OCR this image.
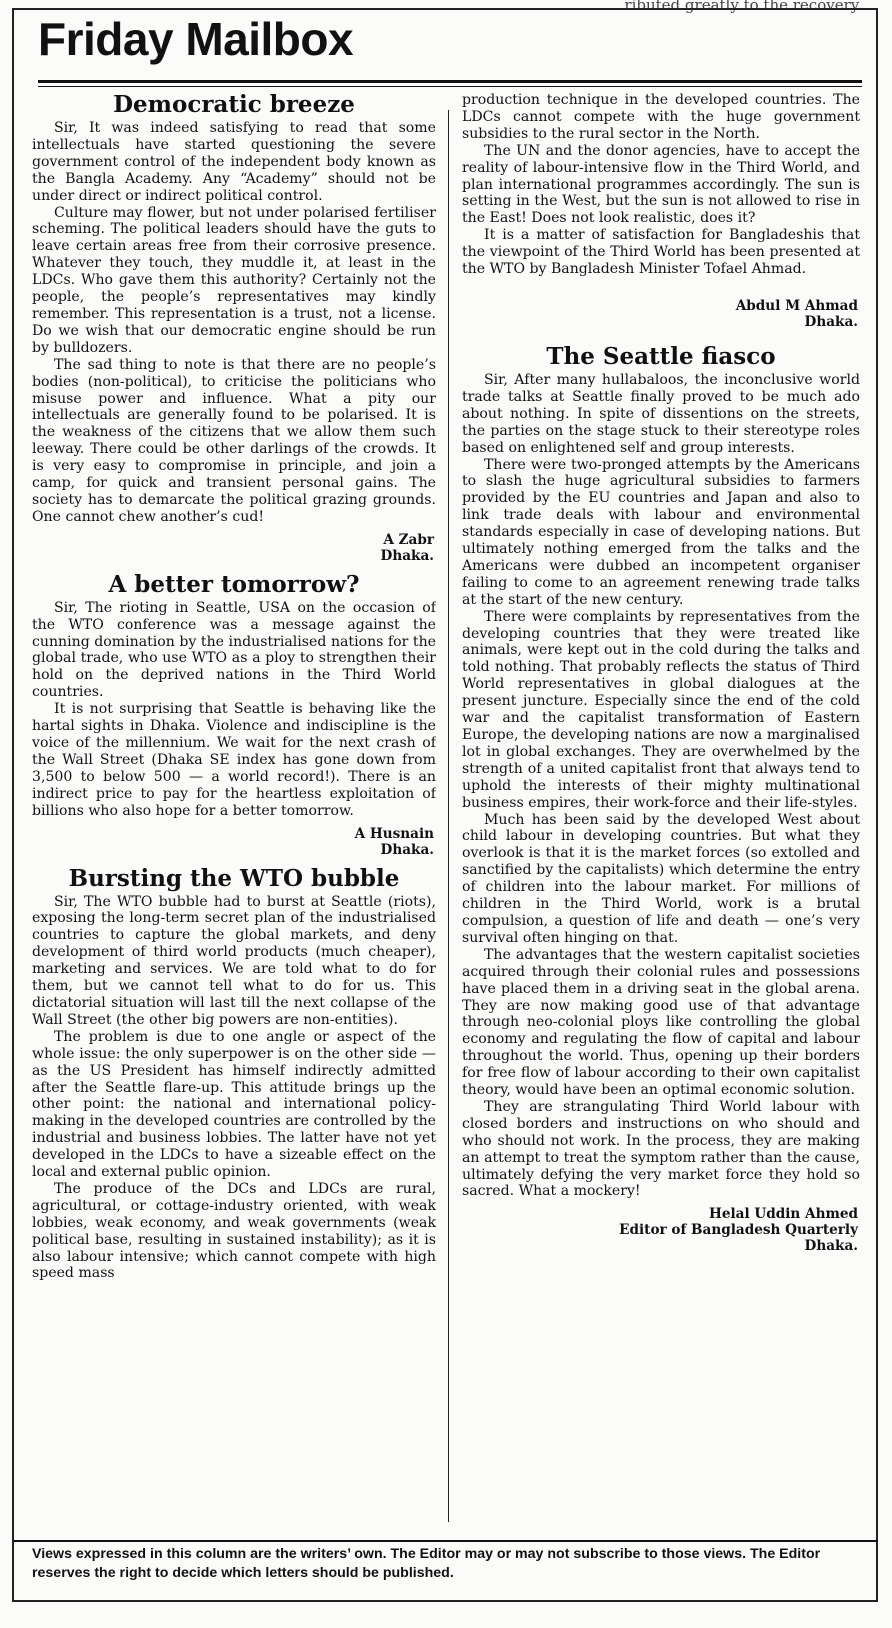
…ributed greatly to the recovery.
Friday Mailbox
Democratic breeze

Sir, It was indeed satisfying to read that some intellectuals have started questioning the severe government control of the independent body known as the Bangla Academy. Any “Academy” should not be under direct or indirect political control.

Culture may flower, but not under polarised fertiliser scheming. The political leaders should have the guts to leave certain areas free from their corrosive presence. Whatever they touch, they muddle it, at least in the LDCs. Who gave them this authority? Certainly not the people, the people’s representatives may kindly remember. This representation is a trust, not a license. Do we wish that our democratic engine should be run by bulldozers.

The sad thing to note is that there are no people’s bodies (non-political), to criticise the politicians who misuse power and influence. What a pity our intellectuals are generally found to be polarised. It is the weakness of the citizens that we allow them such leeway. There could be other darlings of the crowds. It is very easy to compromise in principle, and join a camp, for quick and transient personal gains. The society has to demarcate the political grazing grounds. One cannot chew another’s cud!

A Zabr
Dhaka.
A better tomorrow?

Sir, The rioting in Seattle, USA on the occasion of the WTO conference was a message against the cunning domination by the industrialised nations for the global trade, who use WTO as a ploy to strengthen their hold on the deprived nations in the Third World countries.

It is not surprising that Seattle is behaving like the hartal sights in Dhaka. Violence and indiscipline is the voice of the millennium. We wait for the next crash of the Wall Street (Dhaka SE index has gone down from 3,500 to below 500 — a world record!). There is an indirect price to pay for the heartless exploitation of billions who also hope for a better tomorrow.

A Husnain
Dhaka.
Bursting the WTO bubble

Sir, The WTO bubble had to burst at Seattle (riots), exposing the long-term secret plan of the industrialised countries to capture the global markets, and deny development of third world products (much cheaper), marketing and services. We are told what to do for them, but we cannot tell what to do for us. This dictatorial situation will last till the next collapse of the Wall Street (the other big powers are non-entities).

The problem is due to one angle or aspect of the whole issue: the only superpower is on the other side — as the US President has himself indirectly admitted after the Seattle flare-up. This attitude brings up the other point: the national and international policy-making in the developed countries are controlled by the industrial and business lobbies. The latter have not yet developed in the LDCs to have a sizeable effect on the local and external public opinion.

The produce of the DCs and LDCs are rural, agricultural, or cottage-industry oriented, with weak lobbies, weak economy, and weak governments (weak political base, resulting in sustained instability); as it is also labour intensive; which cannot compete with high speed mass

production technique in the developed countries. The LDCs cannot compete with the huge government subsidies to the rural sector in the North.

The UN and the donor agencies, have to accept the reality of labour-intensive flow in the Third World, and plan international programmes accordingly. The sun is setting in the West, but the sun is not allowed to rise in the East! Does not look realistic, does it?

It is a matter of satisfaction for Bangladeshis that the viewpoint of the Third World has been presented at the WTO by Bangladesh Minister Tofael Ahmad.

Abdul M Ahmad
Dhaka.
The Seattle fiasco

Sir, After many hullabaloos, the inconclusive world trade talks at Seattle finally proved to be much ado about nothing. In spite of dissentions on the streets, the parties on the stage stuck to their stereotype roles based on enlightened self and group interests.

There were two-pronged attempts by the Americans to slash the huge agricultural subsidies to farmers provided by the EU countries and Japan and also to link trade deals with labour and environmental standards especially in case of developing nations. But ultimately nothing emerged from the talks and the Americans were dubbed an incompetent organiser failing to come to an agreement renewing trade talks at the start of the new century.

There were complaints by representatives from the developing countries that they were treated like animals, were kept out in the cold during the talks and told nothing. That probably reflects the status of Third World representatives in global dialogues at the present juncture. Especially since the end of the cold war and the capitalist transformation of Eastern Europe, the developing nations are now a marginalised lot in global exchanges. They are overwhelmed by the strength of a united capitalist front that always tend to uphold the interests of their mighty multinational business empires, their work-force and their life-styles.

Much has been said by the developed West about child labour in developing countries. But what they overlook is that it is the market forces (so extolled and sanctified by the capitalists) which determine the entry of children into the labour market. For millions of children in the Third World, work is a brutal compulsion, a question of life and death — one’s very survival often hinging on that.

The advantages that the western capitalist societies acquired through their colonial rules and possessions have placed them in a driving seat in the global arena. They are now making good use of that advantage through neo-colonial ploys like controlling the global economy and regulating the flow of capital and labour throughout the world. Thus, opening up their borders for free flow of labour according to their own capitalist theory, would have been an optimal economic solution.

They are strangulating Third World labour with closed borders and instructions on who should and who should not work. In the process, they are making an attempt to treat the symptom rather than the cause, ultimately defying the very market force they hold so sacred. What a mockery!

Helal Uddin Ahmed
Editor of Bangladesh Quarterly
Dhaka.

Views expressed in this column are the writers’ own. The Editor may or may not subscribe to those views. The Editor reserves the right to decide which letters should be published.
